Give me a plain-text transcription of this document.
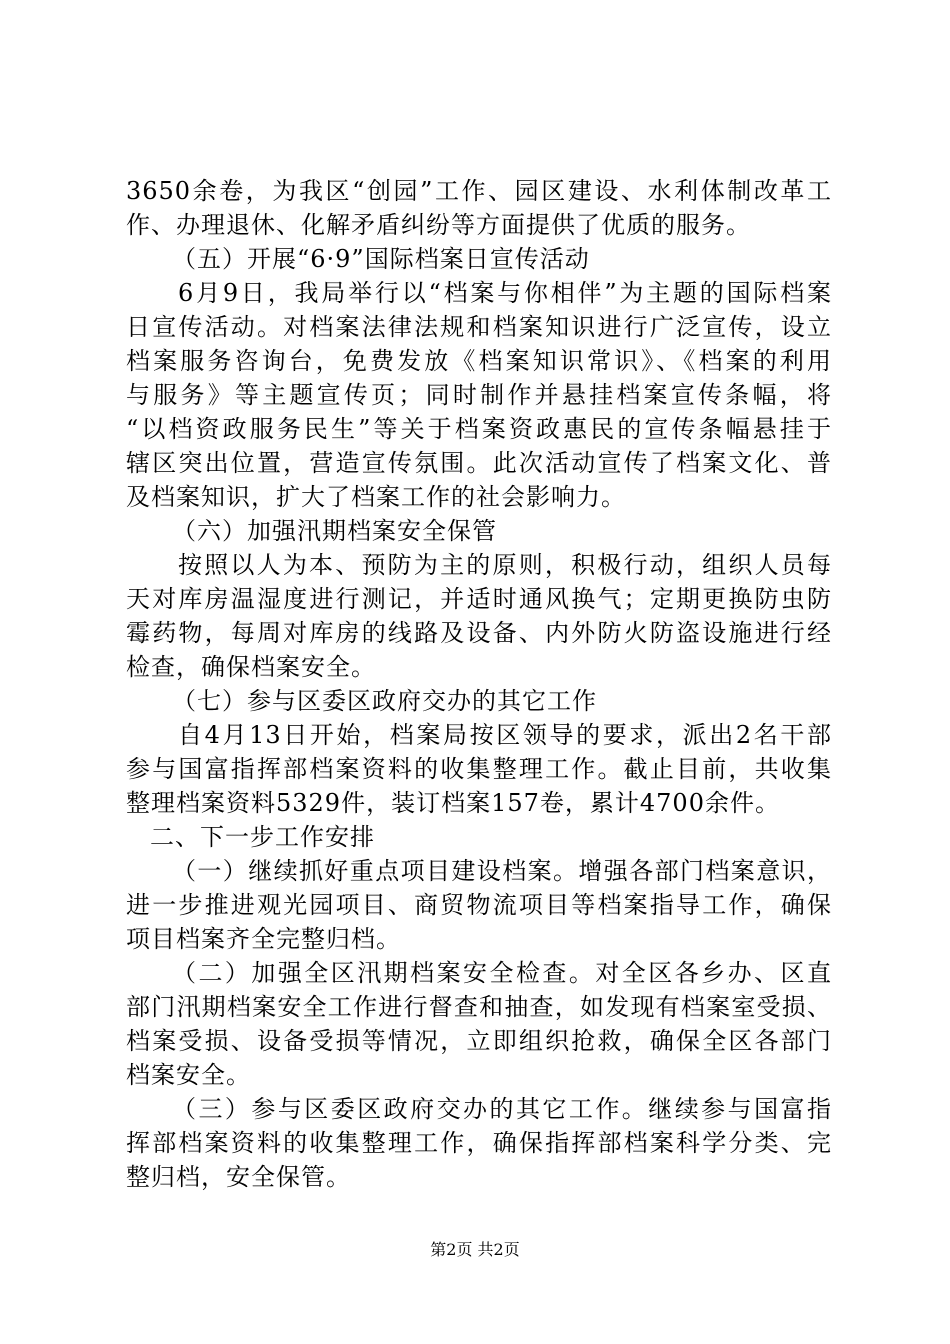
3650余卷，为我区“创园”工作、园区建设、水利体制改革工
作、办理退休、化解矛盾纠纷等方面提供了优质的服务。
（五）开展“6·9”国际档案日宣传活动
6月9日，我局举行以“档案与你相伴”为主题的国际档案
日宣传活动。对档案法律法规和档案知识进行广泛宣传，设立
档案服务咨询台，免费发放《档案知识常识》、《档案的利用
与服务》等主题宣传页；同时制作并悬挂档案宣传条幅，将
“以档资政服务民生”等关于档案资政惠民的宣传条幅悬挂于
辖区突出位置，营造宣传氛围。此次活动宣传了档案文化、普
及档案知识，扩大了档案工作的社会影响力。
（六）加强汛期档案安全保管
按照以人为本、预防为主的原则，积极行动，组织人员每
天对库房温湿度进行测记，并适时通风换气；定期更换防虫防
霉药物，每周对库房的线路及设备、内外防火防盗设施进行经
检查，确保档案安全。
（七）参与区委区政府交办的其它工作
自4月13日开始，档案局按区领导的要求，派出2名干部
参与国富指挥部档案资料的收集整理工作。截止目前，共收集
整理档案资料5329件，装订档案157卷，累计4700余件。
二、下一步工作安排
（一）继续抓好重点项目建设档案。增强各部门档案意识，
进一步推进观光园项目、商贸物流项目等档案指导工作，确保
项目档案齐全完整归档。
（二）加强全区汛期档案安全检查。对全区各乡办、区直
部门汛期档案安全工作进行督查和抽查，如发现有档案室受损、
档案受损、设备受损等情况，立即组织抢救，确保全区各部门
档案安全。
（三）参与区委区政府交办的其它工作。继续参与国富指
挥部档案资料的收集整理工作，确保指挥部档案科学分类、完
整归档，安全保管。
第2页 共2页
